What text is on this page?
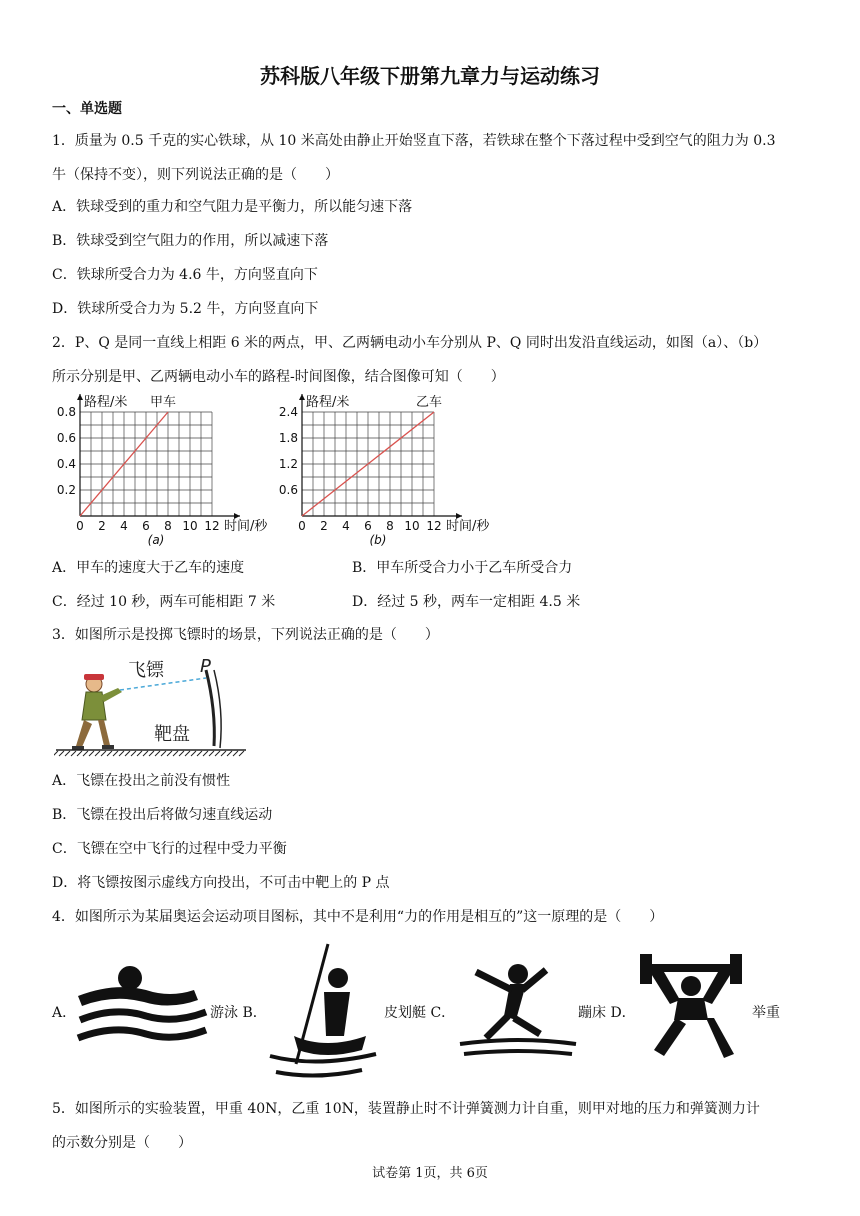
苏科版八年级下册第九章力与运动练习
一、单选题
1．质量为 0.5 千克的实心铁球，从 10 米高处由静止开始竖直下落，若铁球在整个下落过程中受到空气的阻力为 0.3
牛（保持不变），则下列说法正确的是（　　）
A．铁球受到的重力和空气阻力是平衡力，所以能匀速下落
B．铁球受到空气阻力的作用，所以减速下落
C．铁球所受合力为 4.6 牛，方向竖直向下
D．铁球所受合力为 5.2 牛，方向竖直向下
2．P、Q 是同一直线上相距 6 米的两点，甲、乙两辆电动小车分别从 P、Q 同时出发沿直线运动，如图（a）、（b）
所示分别是甲、乙两辆电动小车的路程-时间图像，结合图像可知（　　）
0 2 4 6 8 10 12
0.2
0.4
0.6
0.8
路程/米
时间/秒
甲车
(a)
0 2 4 6 8 10 12
0.6
1.2
1.8
2.4
路程/米
时间/秒
乙车
(b)
A．甲车的速度大于乙车的速度	B．甲车所受合力小于乙车所受合力
C．经过 10 秒，两车可能相距 7 米	D．经过 5 秒，两车一定相距 4.5 米
3．如图所示是投掷飞镖时的场景，下列说法正确的是（　　）
飞镖 P
靶盘
A．飞镖在投出之前没有惯性
B．飞镖在投出后将做匀速直线运动
C．飞镖在空中飞行的过程中受力平衡
D．将飞镖按图示虚线方向投出，不可击中靶上的 P 点
4．如图所示为某届奥运会运动项目图标，其中不是利用“力的作用是相互的”这一原理的是（　　）
A．	游泳 B．	皮划艇 C．	蹦床 D．	举重
5．如图所示的实验装置，甲重 40N，乙重 10N，装置静止时不计弹簧测力计自重，则甲对地的压力和弹簧测力计
的示数分别是（　　）
试卷第 1页，共 6页
